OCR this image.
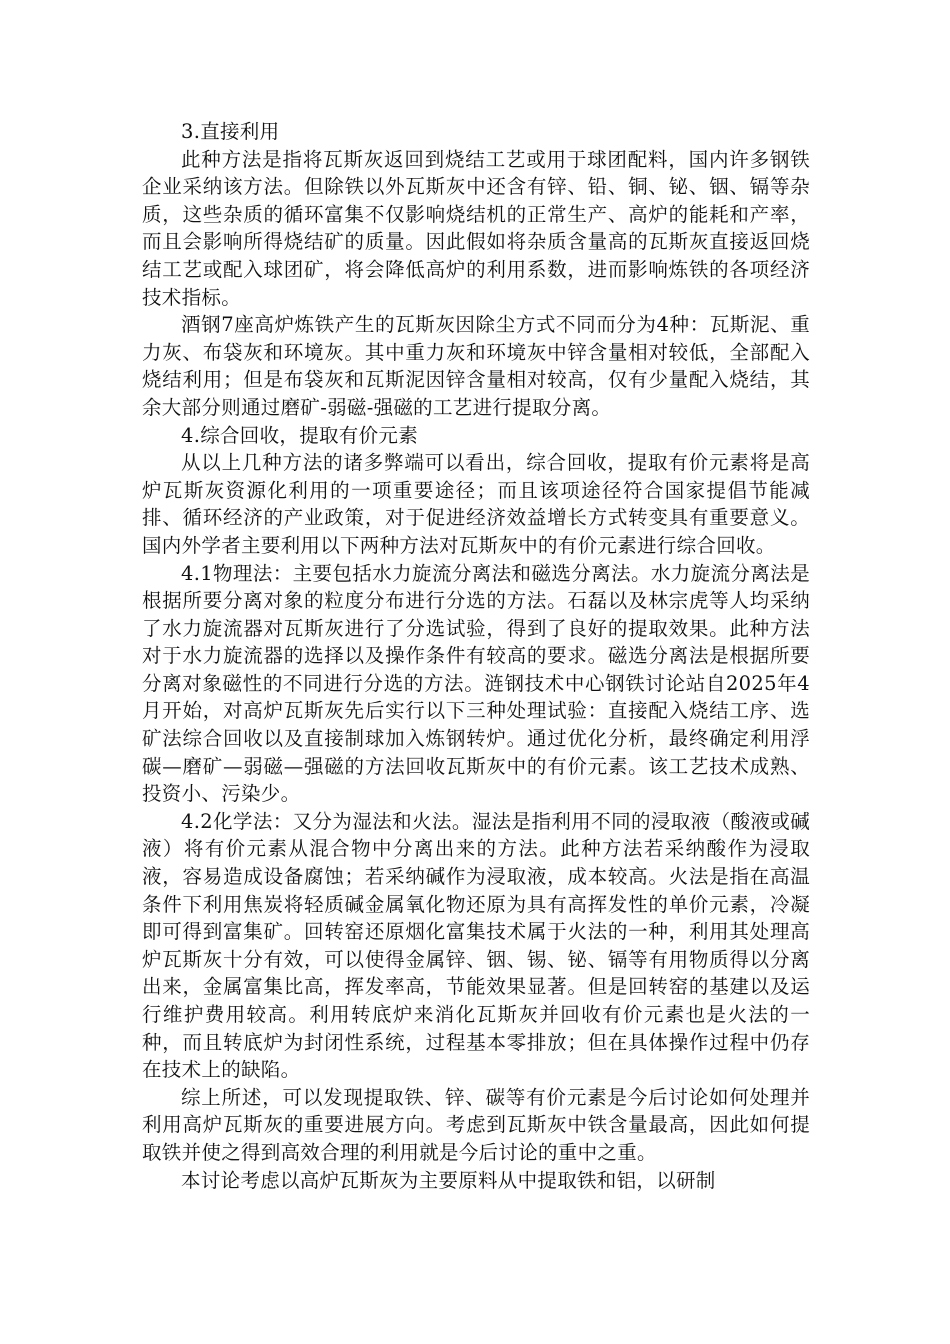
3.直接利用

此种方法是指将瓦斯灰返回到烧结工艺或用于球团配料，国内许多钢铁企业采纳该方法。但除铁以外瓦斯灰中还含有锌、铅、铜、铋、铟、镉等杂质，这些杂质的循环富集不仅影响烧结机的正常生产、高炉的能耗和产率，而且会影响所得烧结矿的质量。因此假如将杂质含量高的瓦斯灰直接返回烧结工艺或配入球团矿，将会降低高炉的利用系数，进而影响炼铁的各项经济技术指标。

酒钢7座高炉炼铁产生的瓦斯灰因除尘方式不同而分为4种：瓦斯泥、重力灰、布袋灰和环境灰。其中重力灰和环境灰中锌含量相对较低，全部配入烧结利用；但是布袋灰和瓦斯泥因锌含量相对较高，仅有少量配入烧结，其余大部分则通过磨矿-弱磁-强磁的工艺进行提取分离。

4.综合回收，提取有价元素

从以上几种方法的诸多弊端可以看出，综合回收，提取有价元素将是高炉瓦斯灰资源化利用的一项重要途径；而且该项途径符合国家提倡节能减排、循环经济的产业政策，对于促进经济效益增长方式转变具有重要意义。国内外学者主要利用以下两种方法对瓦斯灰中的有价元素进行综合回收。

4.1物理法：主要包括水力旋流分离法和磁选分离法。水力旋流分离法是根据所要分离对象的粒度分布进行分选的方法。石磊以及林宗虎等人均采纳了水力旋流器对瓦斯灰进行了分选试验，得到了良好的提取效果。此种方法对于水力旋流器的选择以及操作条件有较高的要求。磁选分离法是根据所要分离对象磁性的不同进行分选的方法。涟钢技术中心钢铁讨论站自2025年4月开始，对高炉瓦斯灰先后实行以下三种处理试验：直接配入烧结工序、选矿法综合回收以及直接制球加入炼钢转炉。通过优化分析，最终确定利用浮碳—磨矿—弱磁—强磁的方法回收瓦斯灰中的有价元素。该工艺技术成熟、投资小、污染少。

4.2化学法：又分为湿法和火法。湿法是指利用不同的浸取液（酸液或碱液）将有价元素从混合物中分离出来的方法。此种方法若采纳酸作为浸取液，容易造成设备腐蚀；若采纳碱作为浸取液，成本较高。火法是指在高温条件下利用焦炭将轻质碱金属氧化物还原为具有高挥发性的单价元素，冷凝即可得到富集矿。回转窑还原烟化富集技术属于火法的一种，利用其处理高炉瓦斯灰十分有效，可以使得金属锌、铟、锡、铋、镉等有用物质得以分离出来，金属富集比高，挥发率高，节能效果显著。但是回转窑的基建以及运行维护费用较高。利用转底炉来消化瓦斯灰并回收有价元素也是火法的一种，而且转底炉为封闭性系统，过程基本零排放；但在具体操作过程中仍存在技术上的缺陷。

综上所述，可以发现提取铁、锌、碳等有价元素是今后讨论如何处理并利用高炉瓦斯灰的重要进展方向。考虑到瓦斯灰中铁含量最高，因此如何提取铁并使之得到高效合理的利用就是今后讨论的重中之重。

本讨论考虑以高炉瓦斯灰为主要原料从中提取铁和铝，以研制
